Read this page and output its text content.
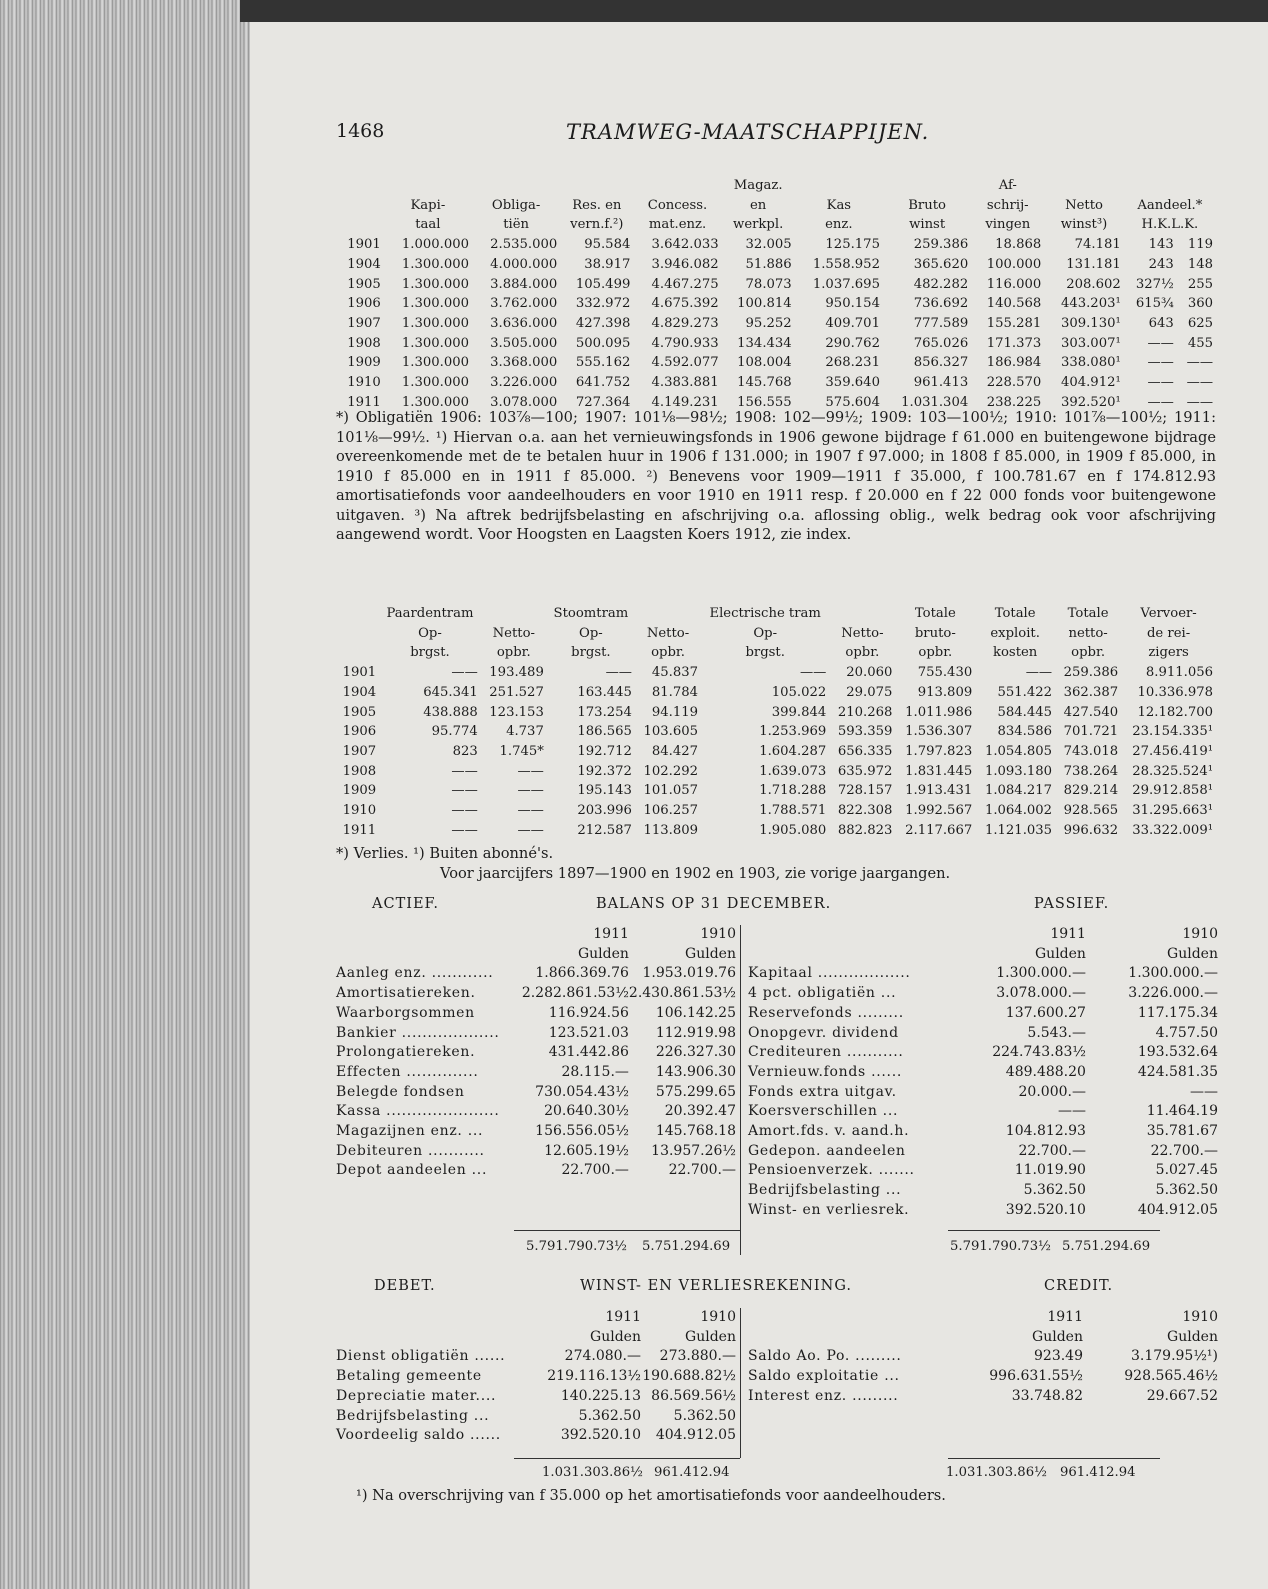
1468	TRAMWEG-MAATSCHAPPIJEN.
					Magaz.			Af-			
	Kapi-	Obliga-	Res. en	Concess.	en	Kas	Bruto	schrij-	Netto	Aandeel.*	
	taal	tiën	vern.f.²)	mat.enz.	werkpl.	enz.	winst	vingen	winst³)	H.K.L.K.	
1901	1.000.000	2.535.000	95.584	3.642.033	32.005	125.175	259.386	18.868	74.181	143	119
1904	1.300.000	4.000.000	38.917	3.946.082	51.886	1.558.952	365.620	100.000	131.181	243	148
1905	1.300.000	3.884.000	105.499	4.467.275	78.073	1.037.695	482.282	116.000	208.602	327½	255
1906	1.300.000	3.762.000	332.972	4.675.392	100.814	950.154	736.692	140.568	443.203¹	615¾	360
1907	1.300.000	3.636.000	427.398	4.829.273	95.252	409.701	777.589	155.281	309.130¹	643	625
1908	1.300.000	3.505.000	500.095	4.790.933	134.434	290.762	765.026	171.373	303.007¹	——	455
1909	1.300.000	3.368.000	555.162	4.592.077	108.004	268.231	856.327	186.984	338.080¹	——	——
1910	1.300.000	3.226.000	641.752	4.383.881	145.768	359.640	961.413	228.570	404.912¹	——	——
1911	1.300.000	3.078.000	727.364	4.149.231	156.555	575.604	1.031.304	238.225	392.520¹	——	——
*) Obligatiën 1906: 103⅞—100; 1907: 101⅛—98½; 1908: 102—99½; 1909: 103—100½; 1910: 101⅞—100½; 1911: 101⅛—99½. ¹) Hiervan o.a. aan het vernieuwingsfonds in 1906 gewone bijdrage f 61.000 en buitengewone bijdrage overeenkomende met de te betalen huur in 1906 f 131.000; in 1907 f 97.000; in 1808 f 85.000, in 1909 f 85.000, in 1910 f 85.000 en in 1911 f 85.000. ²) Benevens voor 1909—1911 f 35.000, f 100.781.67 en f 174.812.93 amortisatiefonds voor aandeelhouders en voor 1910 en 1911 resp. f 20.000 en f 22 000 fonds voor buitengewone uitgaven. ³) Na aftrek bedrijfsbelasting en afschrijving o.a. aflossing oblig., welk bedrag ook voor afschrijving aangewend wordt. Voor Hoogsten en Laagsten Koers 1912, zie index.
	Paardentram		Stoomtram		Electrische tram		Totale	Totale	Totale	Vervoer-
	Op-	Netto-	Op-	Netto-	Op-	Netto-	bruto-	exploit.	netto-	de rei-
	brgst.	opbr.	brgst.	opbr.	brgst.	opbr.	opbr.	kosten	opbr.	zigers
1901	——	193.489	——	45.837	——	20.060	755.430	——	259.386	8.911.056
1904	645.341	251.527	163.445	81.784	105.022	29.075	913.809	551.422	362.387	10.336.978
1905	438.888	123.153	173.254	94.119	399.844	210.268	1.011.986	584.445	427.540	12.182.700
1906	95.774	4.737	186.565	103.605	1.253.969	593.359	1.536.307	834.586	701.721	23.154.335¹
1907	823	1.745*	192.712	84.427	1.604.287	656.335	1.797.823	1.054.805	743.018	27.456.419¹
1908	——	——	192.372	102.292	1.639.073	635.972	1.831.445	1.093.180	738.264	28.325.524¹
1909	——	——	195.143	101.057	1.718.288	728.157	1.913.431	1.084.217	829.214	29.912.858¹
1910	——	——	203.996	106.257	1.788.571	822.308	1.992.567	1.064.002	928.565	31.295.663¹
1911	——	——	212.587	113.809	1.905.080	882.823	2.117.667	1.121.035	996.632	33.322.009¹
*) Verlies. ¹) Buiten abonné's.
Voor jaarcijfers 1897—1900 en 1902 en 1903, zie vorige jaargangen.
ACTIEF.	BALANS OP 31 DECEMBER.	PASSIEF.
	1911	1910
	Gulden	Gulden
Aanleg enz. ............	1.866.369.76	1.953.019.76
Amortisatiereken.	2.282.861.53½	2.430.861.53½
Waarborgsommen	116.924.56	106.142.25
Bankier ...................	123.521.03	112.919.98
Prolongatiereken.	431.442.86	226.327.30
Effecten ..............	28.115.—	143.906.30
Belegde fondsen	730.054.43½	575.299.65
Kassa ......................	20.640.30½	20.392.47
Magazijnen enz. ...	156.556.05½	145.768.18
Debiteuren ...........	12.605.19½	13.957.26½
Depot aandeelen ...	22.700.—	22.700.—
	1911	1910
	Gulden	Gulden
Kapitaal ..................	1.300.000.—	1.300.000.—
4 pct. obligatiën ...	3.078.000.—	3.226.000.—
Reservefonds .........	137.600.27	117.175.34
Onopgevr. dividend	5.543.—	4.757.50
Crediteuren ...........	224.743.83½	193.532.64
Vernieuw.fonds ......	489.488.20	424.581.35
Fonds extra uitgav.	20.000.—	——
Koersverschillen ...	——	11.464.19
Amort.fds. v. aand.h.	104.812.93	35.781.67
Gedepon. aandeelen	22.700.—	22.700.—
Pensioenverzek. .......	11.019.90	5.027.45
Bedrijfsbelasting ...	5.362.50	5.362.50
Winst- en verliesrek.	392.520.10	404.912.05
5.791.790.73½ 5.751.294.69	5.791.790.73½ 5.751.294.69
DEBET.	WINST- EN VERLIESREKENING.	CREDIT.
	1911	1910
	Gulden	Gulden
Dienst obligatiën ......	274.080.—	273.880.—
Betaling gemeente	219.116.13½	190.688.82½
Depreciatie mater....	140.225.13	86.569.56½
Bedrijfsbelasting ...	5.362.50	5.362.50
Voordeelig saldo ......	392.520.10	404.912.05
	1911	1910
	Gulden	Gulden
Saldo Ao. Po. .........	923.49	3.179.95½¹)
Saldo exploitatie ...	996.631.55½	928.565.46½
Interest enz. .........	33.748.82	29.667.52
1.031.303.86½ 961.412.94	1.031.303.86½ 961.412.94
¹) Na overschrijving van f 35.000 op het amortisatiefonds voor aandeelhouders.
